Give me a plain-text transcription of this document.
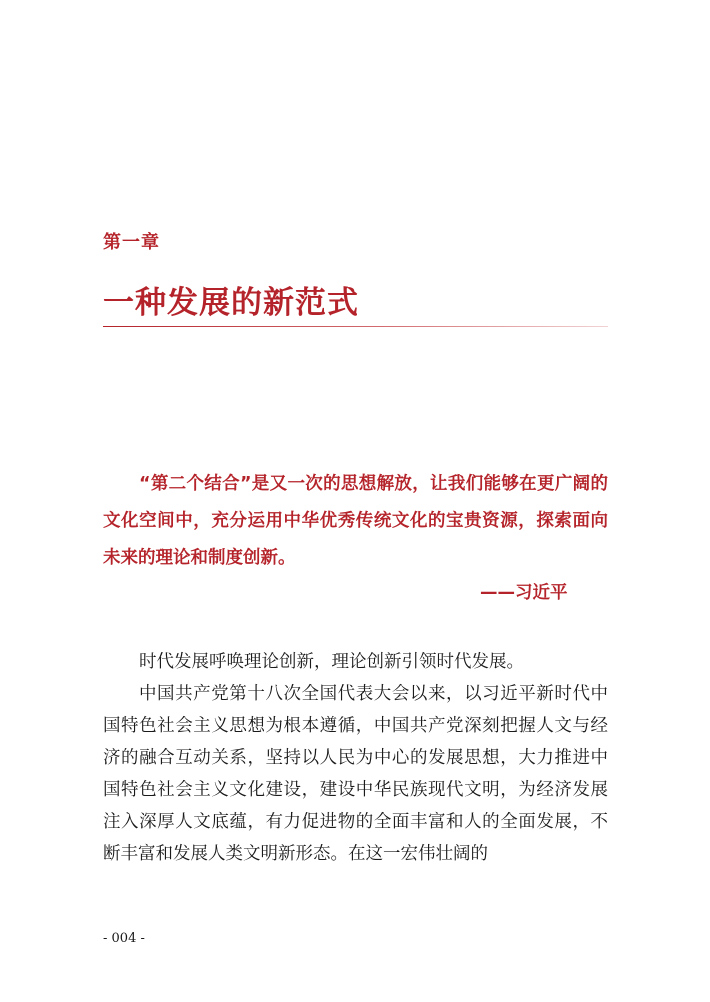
第一章
一种发展的新范式
“第二个结合”是又一次的思想解放，让我们能够在更广阔的文化空间中，充分运用中华优秀传统文化的宝贵资源，探索面向未来的理论和制度创新。
——习近平

时代发展呼唤理论创新，理论创新引领时代发展。

中国共产党第十八次全国代表大会以来，以习近平新时代中国特色社会主义思想为根本遵循，中国共产党深刻把握人文与经济的融合互动关系，坚持以人民为中心的发展思想，大力推进中国特色社会主义文化建设，建设中华民族现代文明，为经济发展注入深厚人文底蕴，有力促进物的全面丰富和人的全面发展，不断丰富和发展人类文明新形态。在这一宏伟壮阔的

- 004 -
